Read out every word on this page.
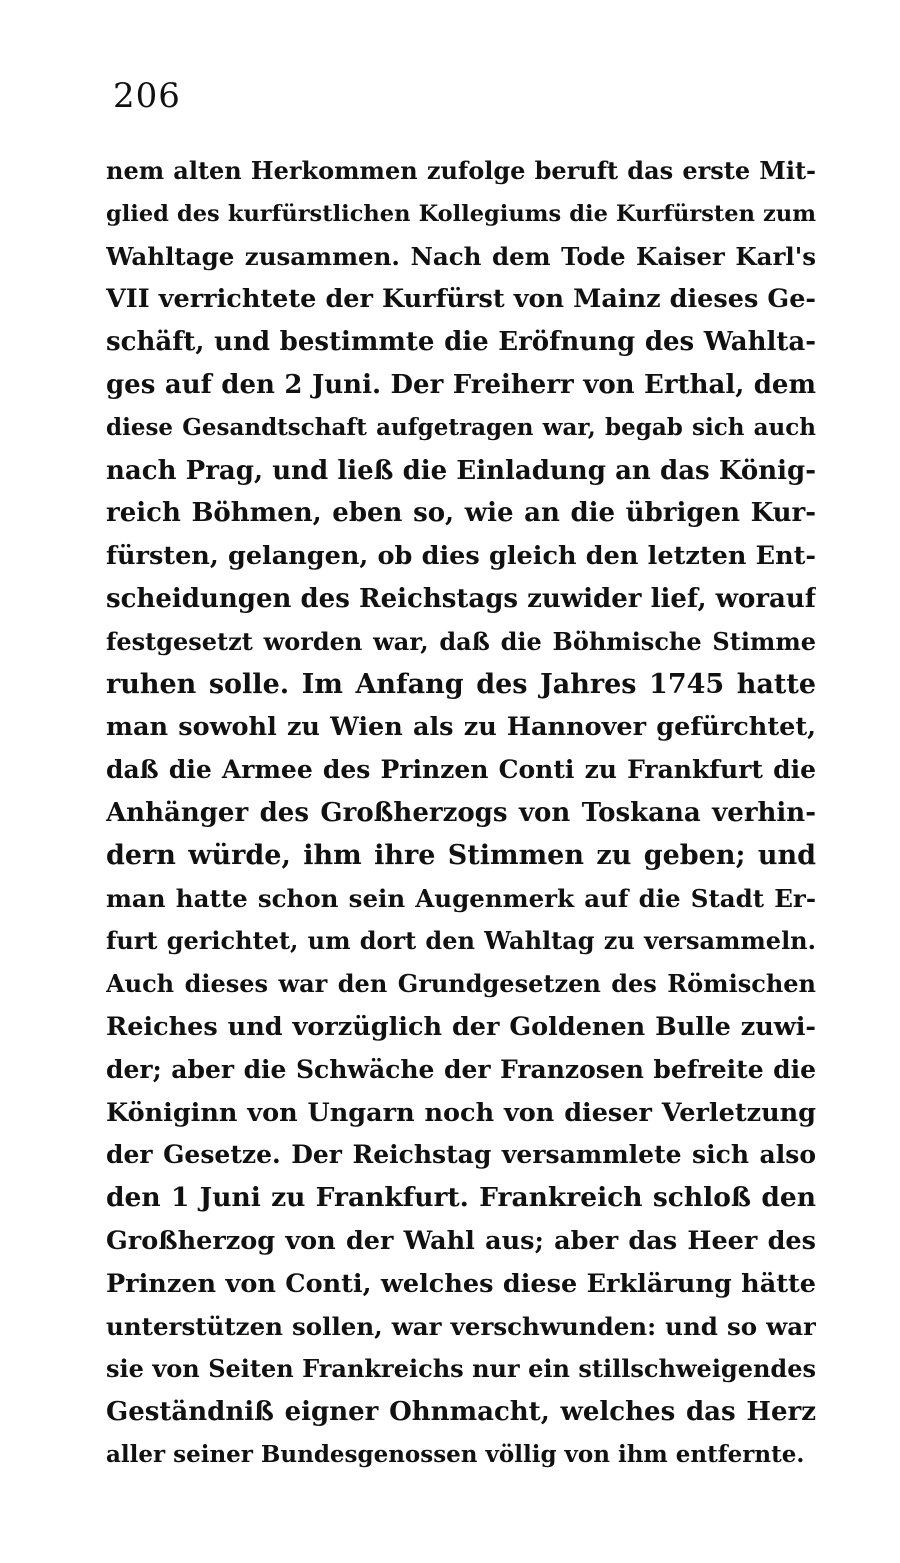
206
nem alten Herkommen zufolge beruft das erste Mit-
glied des kurfürstlichen Kollegiums die Kurfürsten zum
Wahltage zusammen. Nach dem Tode Kaiser Karl's
VII verrichtete der Kurfürst von Mainz dieses Ge-
schäft, und bestimmte die Eröfnung des Wahlta-
ges auf den 2 Juni. Der Freiherr von Erthal, dem
diese Gesandtschaft aufgetragen war, begab sich auch
nach Prag, und ließ die Einladung an das König-
reich Böhmen, eben so, wie an die übrigen Kur-
fürsten, gelangen, ob dies gleich den letzten Ent-
scheidungen des Reichstags zuwider lief, worauf
festgesetzt worden war, daß die Böhmische Stimme
ruhen solle. Im Anfang des Jahres 1745 hatte
man sowohl zu Wien als zu Hannover gefürchtet,
daß die Armee des Prinzen Conti zu Frankfurt die
Anhänger des Großherzogs von Toskana verhin-
dern würde, ihm ihre Stimmen zu geben; und
man hatte schon sein Augenmerk auf die Stadt Er-
furt gerichtet, um dort den Wahltag zu versammeln.
Auch dieses war den Grundgesetzen des Römischen
Reiches und vorzüglich der Goldenen Bulle zuwi-
der; aber die Schwäche der Franzosen befreite die
Königinn von Ungarn noch von dieser Verletzung
der Gesetze. Der Reichstag versammlete sich also
den 1 Juni zu Frankfurt. Frankreich schloß den
Großherzog von der Wahl aus; aber das Heer des
Prinzen von Conti, welches diese Erklärung hätte
unterstützen sollen, war verschwunden: und so war
sie von Seiten Frankreichs nur ein stillschweigendes
Geständniß eigner Ohnmacht, welches das Herz
aller seiner Bundesgenossen völlig von ihm entfernte.
